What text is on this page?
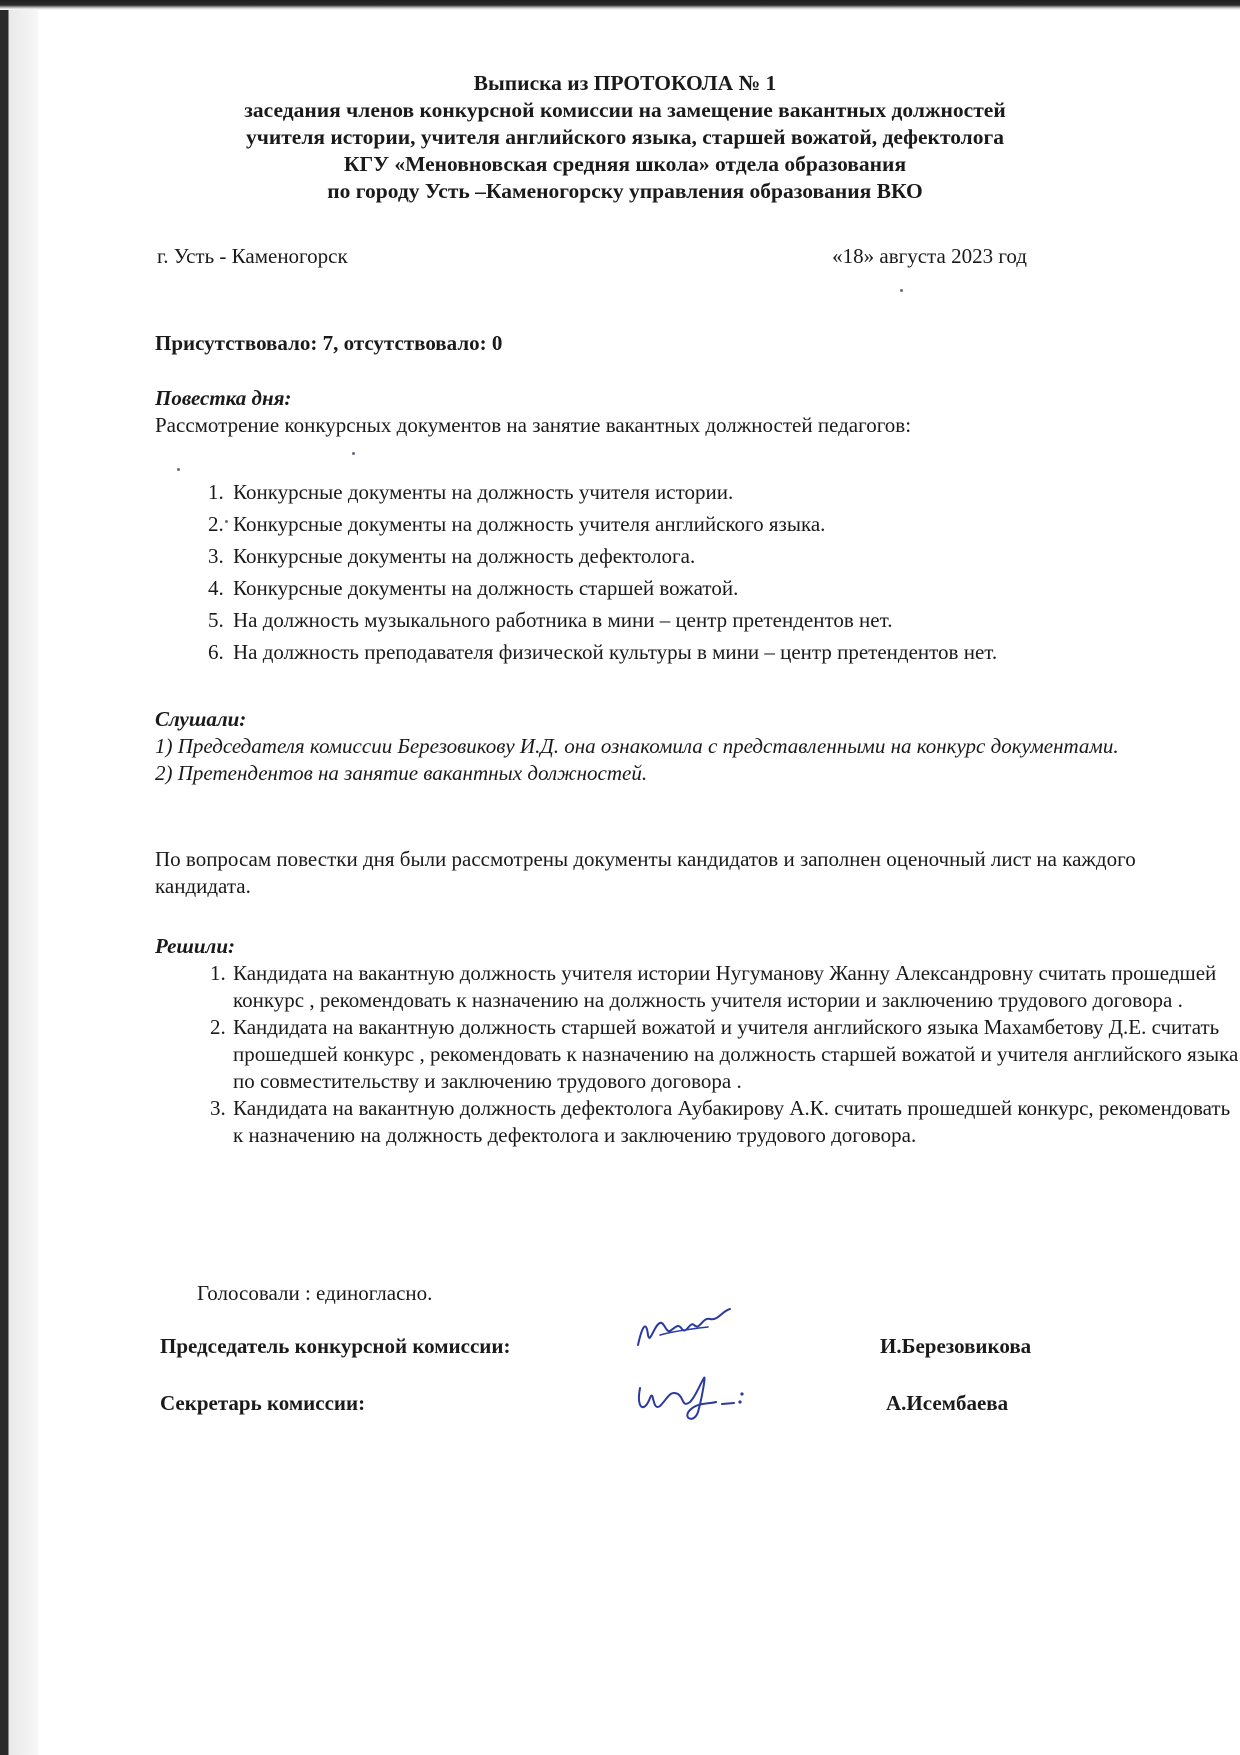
Выписка из ПРОТОКОЛА № 1
заседания членов конкурсной комиссии на замещение вакантных должностей
учителя истории, учителя английского языка, старшей вожатой, дефектолога
КГУ «Меновновская средняя школа» отдела образования
по городу Усть –Каменогорску управления образования ВКО
г. Усть - Каменогорск	«18» августа 2023 год
Присутствовало: 7, отсутствовало: 0
Повестка дня:
Рассмотрение конкурсных документов на занятие вакантных должностей педагогов:
1. Конкурсные документы на должность учителя истории.
2. Конкурсные документы на должность учителя английского языка.
3. Конкурсные документы на должность дефектолога.
4. Конкурсные документы на должность старшей вожатой.
5. На должность музыкального работника в мини – центр претендентов нет.
6. На должность преподавателя физической культуры в мини – центр претендентов нет.
Слушали:

1) Председателя комиссии Березовикову И.Д. она ознакомила с представленными на конкурс документами.

2) Претендентов на занятие вакантных должностей.

По вопросам повестки дня были рассмотрены документы кандидатов и заполнен оценочный лист на каждого кандидата.
Решили:
1. Кандидата на вакантную должность учителя истории Нугуманову Жанну Александровну считать прошедшей конкурс , рекомендовать к назначению на должность учителя истории и заключению трудового договора .
2. Кандидата на вакантную должность старшей вожатой и учителя английского языка Махамбетову Д.Е. считать прошедшей конкурс , рекомендовать к назначению на должность старшей вожатой и учителя английского языка по совместительству и заключению трудового договора .
3. Кандидата на вакантную должность дефектолога Аубакирову А.К. считать прошедшей конкурс, рекомендовать к назначению на должность дефектолога и заключению трудового договора.
Голосовали : единогласно.
Председатель конкурсной комиссии:	И.Березовикова
Секретарь комиссии:	А.Исембаева
